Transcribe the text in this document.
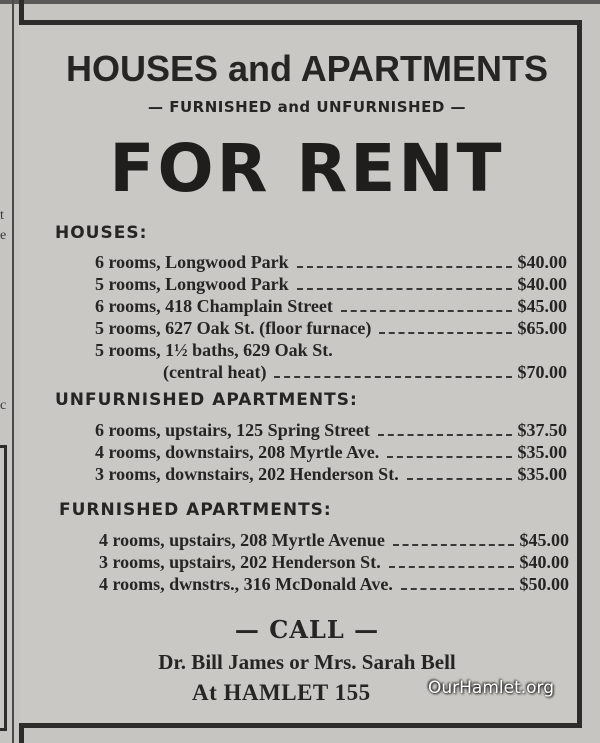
t
e
c
HOUSES and APARTMENTS
— FURNISHED and UNFURNISHED —
FOR RENT
HOUSES:
6 rooms, Longwood Park	$40.00
5 rooms, Longwood Park	$40.00
6 rooms, 418 Champlain Street	$45.00
5 rooms, 627 Oak St. (floor furnace)	$65.00
5 rooms, 1½ baths, 629 Oak St.
(central heat)	$70.00
UNFURNISHED APARTMENTS:
6 rooms, upstairs, 125 Spring Street	$37.50
4 rooms, downstairs, 208 Myrtle Ave.	$35.00
3 rooms, downstairs, 202 Henderson St.	$35.00
FURNISHED APARTMENTS:
4 rooms, upstairs, 208 Myrtle Avenue	$45.00
3 rooms, upstairs, 202 Henderson St.	$40.00
4 rooms, dwnstrs., 316 McDonald Ave.	$50.00
— CALL —
Dr. Bill James or Mrs. Sarah Bell
At HAMLET 155	OurHamlet.org
